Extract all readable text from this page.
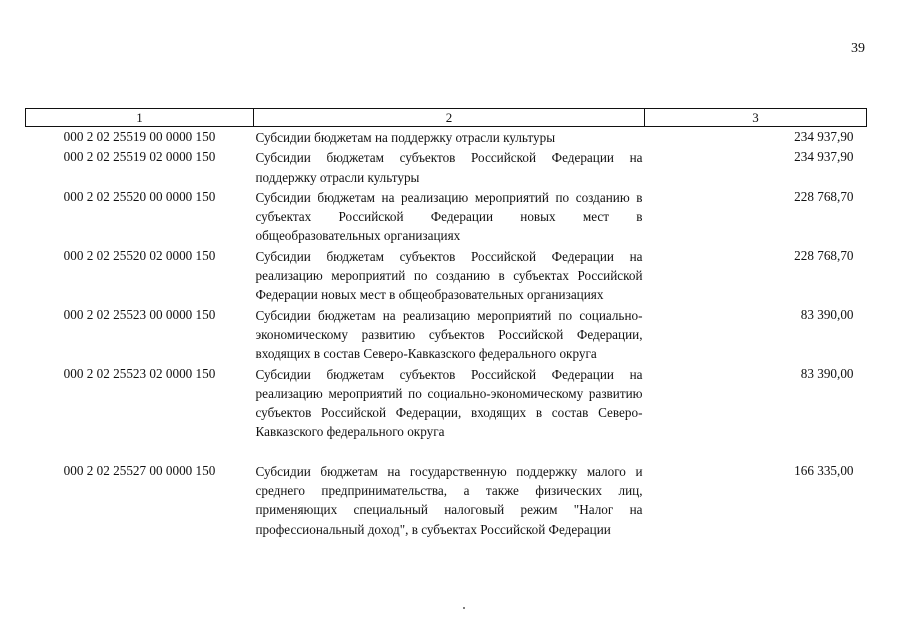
39
1	2	3
000 2 02 25519 00 0000 150	Субсидии бюджетам на поддержку отрасли культуры	234 937,90
000 2 02 25519 02 0000 150	Субсидии бюджетам субъектов Российской Федерации на поддержку отрасли культуры	234 937,90
000 2 02 25520 00 0000 150	Субсидии бюджетам на реализацию мероприятий по созданию в субъектах Российской Федерации новых мест в общеобразовательных организациях	228 768,70
000 2 02 25520 02 0000 150	Субсидии бюджетам субъектов Российской Федерации на реализацию мероприятий по созданию в субъектах Российской Федерации новых мест в общеобразовательных организациях	228 768,70
000 2 02 25523 00 0000 150	Субсидии бюджетам на реализацию мероприятий по социально-экономическому развитию субъектов Российской Федерации, входящих в состав Северо-Кавказского федерального округа	83 390,00
000 2 02 25523 02 0000 150	Субсидии бюджетам субъектов Российской Федерации на реализацию мероприятий по социально-экономическому развитию субъектов Российской Федерации, входящих в состав Северо-Кавказского федерального округа	83 390,00
000 2 02 25527 00 0000 150	Субсидии бюджетам на государственную поддержку малого и среднего предпринимательства, а также физических лиц, применяющих специальный налоговый режим "Налог на профессиональный доход", в субъектах Российской Федерации	166 335,00
